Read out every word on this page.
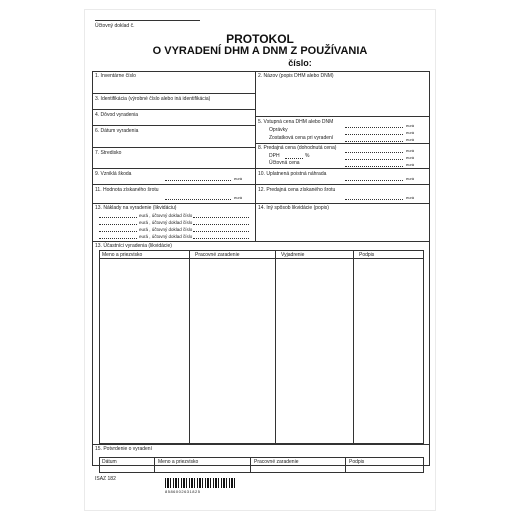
Účtovný doklad č.
PROTOKOL
O VYRADENÍ DHM A DNM Z POUŽÍVANIA
číslo:
1. Inventárne číslo
3. Identifikácia (výrobné číslo alebo iná identifikácia)
4. Dôvod vyradenia
6. Dátum vyradenia
7. Stredisko
9. Vzniklá škoda
eurá
11. Hodnota získaného šrotu
eurá
2. Názov (popis DHM alebo DNM)
5. Vstupná cena DHM alebo DNM
eurá
Oprávky	eurá
Zostatková cena pri vyradení	eurá
8. Predajná cena (dohodnutá cena)	eurá
DPH	%	eurá
Účtovná cena	eurá
10. Uplatnená poistná náhrada
eurá
12. Predajná cena získaného šrotu
eurá
13. Náklady na vyradenie (likvidáciu)
eurá , účtovný doklad číslo
eurá , účtovný doklad číslo
eurá , účtovný doklad číslo
eurá , účtovný doklad číslo
14. Iný spôsob likvidácie (popis)
13. Účastníci vyradenia (likvidácie)
Meno a priezvisko	Pracovné zaradenie	Vyjadrenie	Podpis
15. Potvrdenie o vyradení
Dátum	Meno a priezvisko	Pracovné zaradenie	Podpis
ISAZ 182
8586002631825
